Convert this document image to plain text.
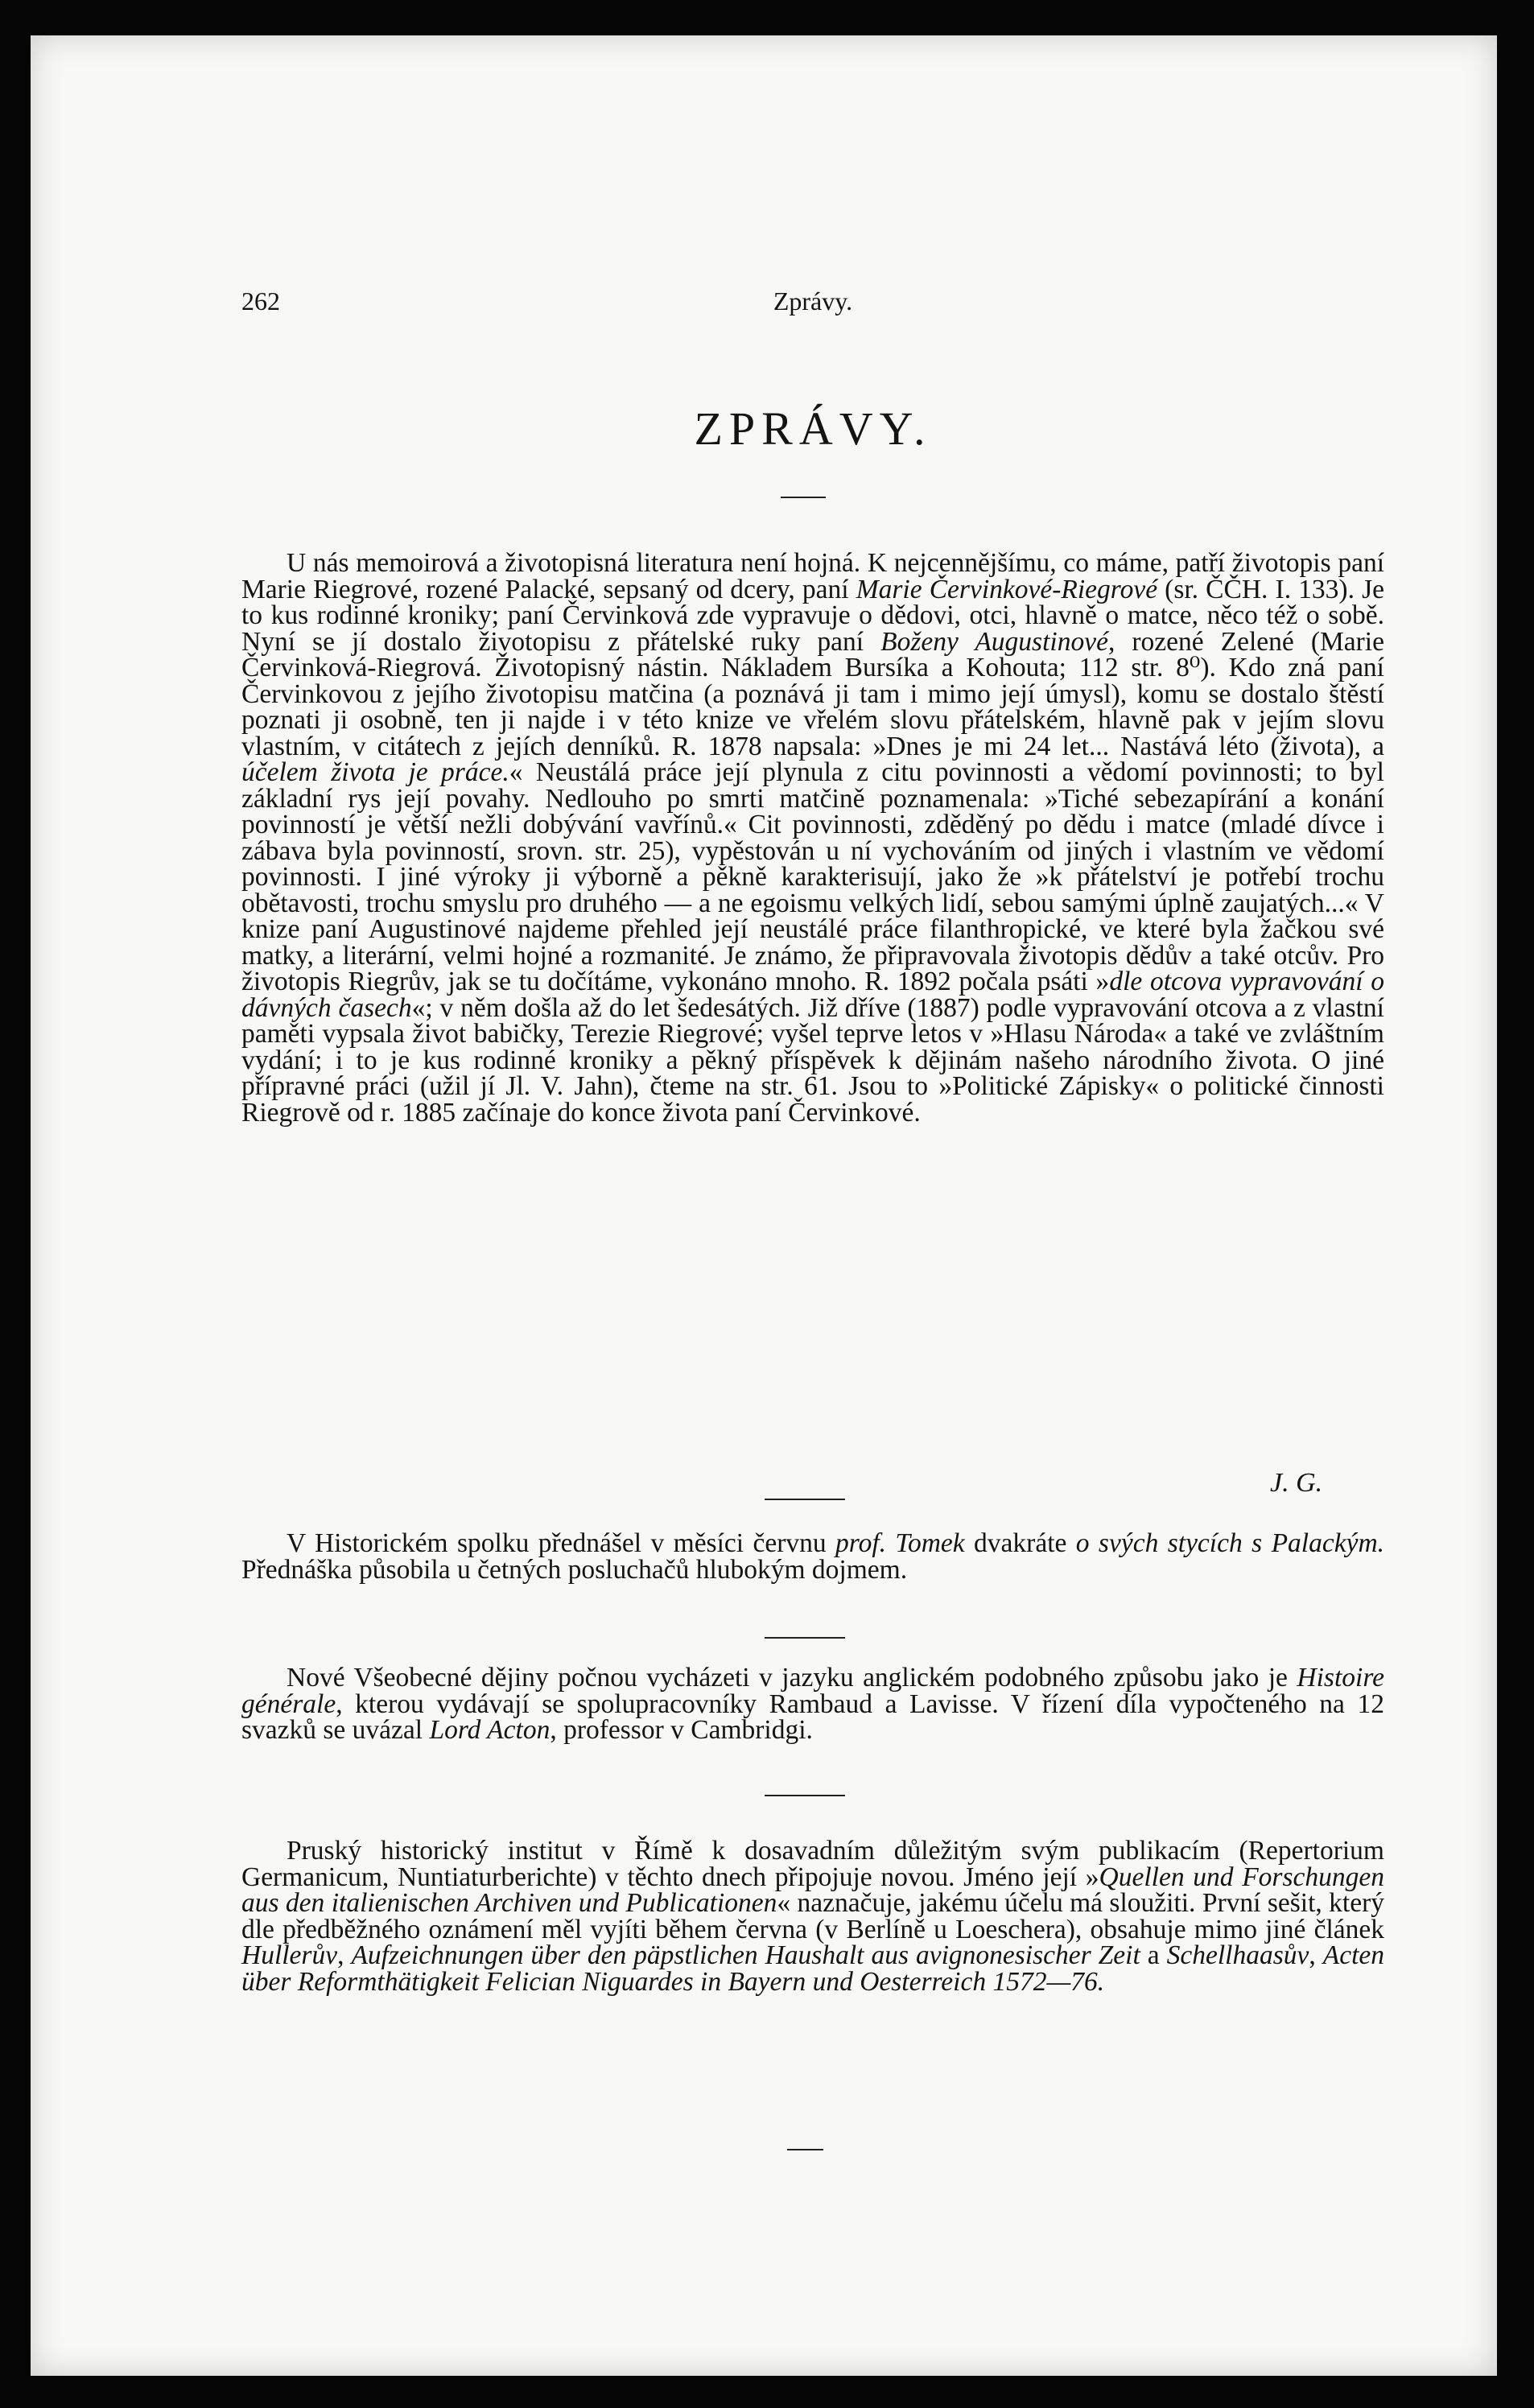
262	Zprávy.
ZPRÁVY.

U nás memoirová a životopisná literatura není hojná. K nejcennějšímu, co máme, patří životopis paní Marie Riegrové, rozené Palacké, sepsaný od dcery, paní Marie Červinkové-Riegrové (sr. ČČH. I. 133). Je to kus rodinné kroniky; paní Červinková zde vypravuje o dědovi, otci, hlavně o matce, něco též o sobě. Nyní se jí dostalo životopisu z přátelské ruky paní Boženy Augustinové, rozené Zelené (Marie Červinková-Riegrová. Životopisný nástin. Nákladem Bursíka a Kohouta; 112 str. 8⁰). Kdo zná paní Červinkovou z jejího životopisu matčina (a poznává ji tam i mimo její úmysl), komu se dostalo štěstí poznati ji osobně, ten ji najde i v této knize ve vřelém slovu přátelském, hlavně pak v jejím slovu vlastním, v citátech z jejích denníků. R. 1878 napsala: »Dnes je mi 24 let... Nastává léto (života), a účelem života je práce.« Neustálá práce její plynula z citu povinnosti a vědomí povinnosti; to byl základní rys její povahy. Nedlouho po smrti matčině poznamenala: »Tiché sebezapírání a konání povinností je větší nežli dobývání vavřínů.« Cit povinnosti, zděděný po dědu i matce (mladé dívce i zábava byla povinností, srovn. str. 25), vypěstován u ní vychováním od jiných i vlastním ve vědomí povinnosti. I jiné výroky ji výborně a pěkně karakterisují, jako že »k přátelství je potřebí trochu obětavosti, trochu smyslu pro druhého — a ne egoismu velkých lidí, sebou samými úplně zaujatých...« V knize paní Augustinové najdeme přehled její neustálé práce filanthropické, ve které byla žačkou své matky, a literární, velmi hojné a rozmanité. Je známo, že připravovala životopis dědův a také otcův. Pro životopis Riegrův, jak se tu dočítáme, vykonáno mnoho. R. 1892 počala psáti »dle otcova vypravování o dávných časech«; v něm došla až do let šedesátých. Již dříve (1887) podle vypravování otcova a z vlastní paměti vypsala život babičky, Terezie Riegrové; vyšel teprve letos v »Hlasu Národa« a také ve zvláštním vydání; i to je kus rodinné kroniky a pěkný příspěvek k dějinám našeho národního života. O jiné přípravné práci (užil jí Jl. V. Jahn), čteme na str. 61. Jsou to »Politické Zápisky« o politické činnosti Riegrově od r. 1885 začínaje do konce života paní Červinkové.

J. G.

V Historickém spolku přednášel v měsíci červnu prof. Tomek dvakráte o svých stycích s Palackým. Přednáška působila u četných posluchačů hlubokým dojmem.

Nové Všeobecné dějiny počnou vycházeti v jazyku anglickém podobného způsobu jako je Histoire générale, kterou vydávají se spolupracovníky Rambaud a Lavisse. V řízení díla vypočteného na 12 svazků se uvázal Lord Acton, professor v Cambridgi.

Pruský historický institut v Římě k dosavadním důležitým svým publikacím (Repertorium Germanicum, Nuntiaturberichte) v těchto dnech připojuje novou. Jméno její »Quellen und Forschungen aus den italienischen Archiven und Publicationen« naznačuje, jakému účelu má sloužiti. První sešit, který dle předběžného oznámení měl vyjíti během června (v Berlíně u Loeschera), obsahuje mimo jiné článek Hullerův, Aufzeichnungen über den päpstlichen Haushalt aus avignonesischer Zeit a Schellhaasův, Acten über Reformthätigkeit Felician Niguardes in Bayern und Oesterreich 1572—76.
